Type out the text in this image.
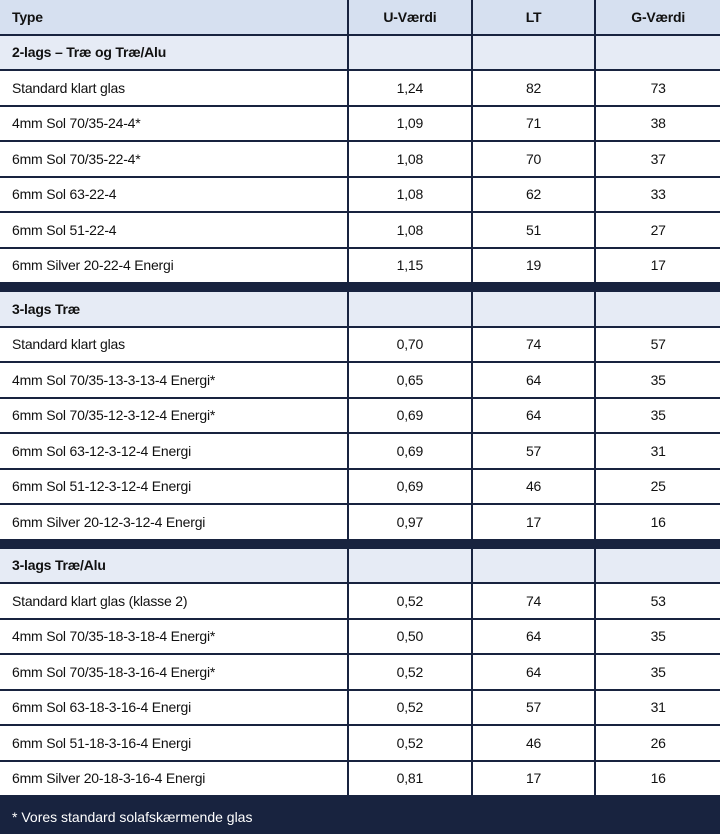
Type	U-Værdi	LT	G-Værdi
2-lags – Træ og Træ/Alu
Standard klart glas	1,24	82	73
4mm Sol 70/35-24-4*	1,09	71	38
6mm Sol 70/35-22-4*	1,08	70	37
6mm Sol 63-22-4	1,08	62	33
6mm Sol 51-22-4	1,08	51	27
6mm Silver 20-22-4 Energi	1,15	19	17
3-lags Træ
Standard klart glas	0,70	74	57
4mm Sol 70/35-13-3-13-4 Energi*	0,65	64	35
6mm Sol 70/35-12-3-12-4 Energi*	0,69	64	35
6mm Sol 63-12-3-12-4 Energi	0,69	57	31
6mm Sol 51-12-3-12-4 Energi	0,69	46	25
6mm Silver 20-12-3-12-4 Energi	0,97	17	16
3-lags Træ/Alu
Standard klart glas (klasse 2)	0,52	74	53
4mm Sol 70/35-18-3-18-4 Energi*	0,50	64	35
6mm Sol 70/35-18-3-16-4 Energi*	0,52	64	35
6mm Sol 63-18-3-16-4 Energi	0,52	57	31
6mm Sol 51-18-3-16-4 Energi	0,52	46	26
6mm Silver 20-18-3-16-4 Energi	0,81	17	16
* Vores standard solafskærmende glas
